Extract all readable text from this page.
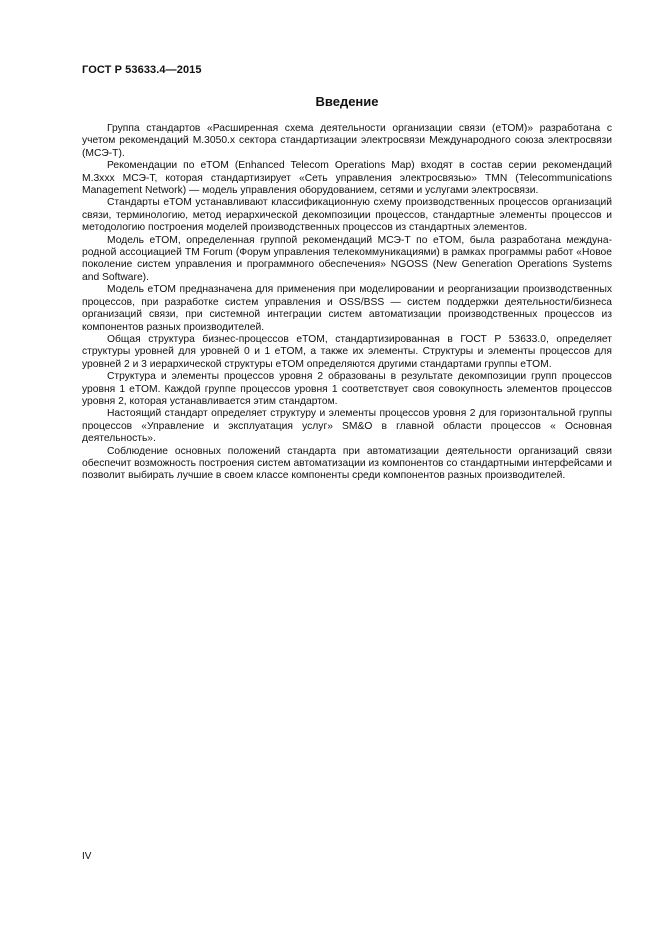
ГОСТ Р 53633.4—2015
Введение

Группа стандартов «Расширенная схема деятельности организации связи (eTOM)» разработана с учетом рекомендаций M.3050.x сектора стандартизации электросвязи Международного союза электросвязи (МСЭ-Т).

Рекомендации по eTOM (Enhanced Telecom Operations Map) входят в состав серии рекомендаций M.3xxx МСЭ-Т, которая стандартизирует «Сеть управления электросвязью» TMN (Telecommunications Management Network) — модель управления оборудованием, сетями и услугами электросвязи.

Стандарты eTOM устанавливают классификационную схему производственных процессов организаций связи, терминологию, метод иерархической декомпозиции процессов, стандартные элементы процессов и методологию построения моделей производственных процессов из стандартных элементов.

Модель eTOM, определенная группой рекомендаций МСЭ-Т по eTOM, была разработана международной ассоциацией TM Forum (Форум управления телекоммуникациями) в рамках программы работ «Новое поколение систем управления и программного обеспечения» NGOSS (New Generation Operations Systems and Software).

Модель eTOM предназначена для применения при моделировании и реорганизации производственных процессов, при разработке систем управления и OSS/BSS — систем поддержки деятельности/бизнеса организаций связи, при системной интеграции систем автоматизации производственных процессов из компонентов разных производителей.

Общая структура бизнес-процессов eTOM, стандартизированная в ГОСТ Р 53633.0, определяет структуры уровней для уровней 0 и 1 eTOM, а также их элементы. Структуры и элементы процессов для уровней 2 и 3 иерархической структуры eTOM определяются другими стандартами группы eTOM.

Структура и элементы процессов уровня 2 образованы в результате декомпозиции групп процессов уровня 1 eTOM. Каждой группе процессов уровня 1 соответствует своя совокупность элементов процессов уровня 2, которая устанавливается этим стандартом.

Настоящий стандарт определяет структуру и элементы процессов уровня 2 для горизонтальной группы процессов «Управление и эксплуатация услуг» SM&O в главной области процессов « Основная деятельность».

Соблюдение основных положений стандарта при автоматизации деятельности организаций связи обеспечит возможность построения систем автоматизации из компонентов со стандартными интерфейсами и позволит выбирать лучшие в своем классе компоненты среди компонентов разных производителей.

IV
